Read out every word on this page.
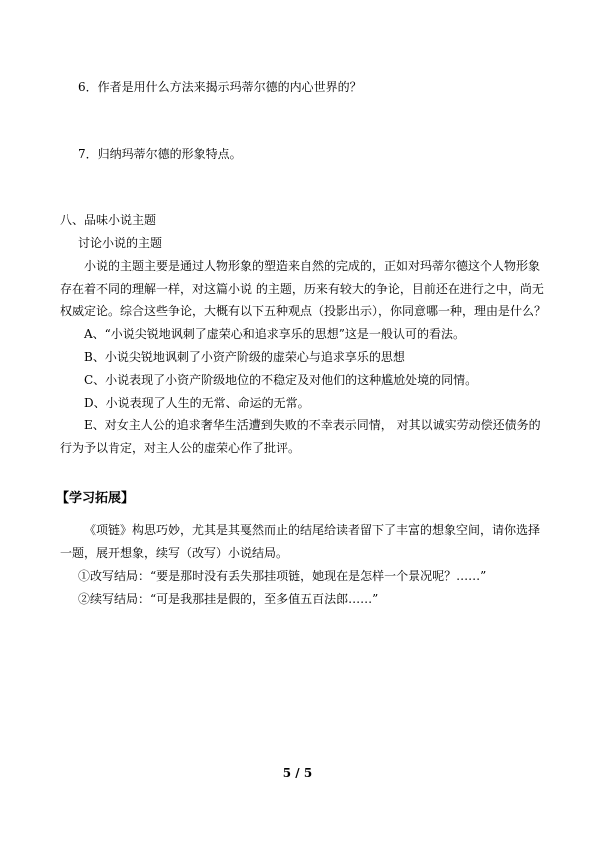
6．作者是用什么方法来揭示玛蒂尔德的内心世界的？
7．归纳玛蒂尔德的形象特点。
八、品味小说主题
讨论小说的主题
小说的主题主要是通过人物形象的塑造来自然的完成的，正如对玛蒂尔德这个人物形象
存在着不同的理解一样，对这篇小说 的主题，历来有较大的争论，目前还在进行之中，尚无
权威定论。综合这些争论，大概有以下五种观点（投影出示），你同意哪一种，理由是什么？
A、“小说尖锐地讽刺了虚荣心和追求享乐的思想”这是一般认可的看法。
B、小说尖锐地讽刺了小资产阶级的虚荣心与追求享乐的思想
C、小说表现了小资产阶级地位的不稳定及对他们的这种尴尬处境的同情。
D、小说表现了人生的无常、命运的无常。
E、对女主人公的追求奢华生活遭到失败的不幸表示同情， 对其以诚实劳动偿还债务的
行为予以肯定，对主人公的虚荣心作了批评。
【学习拓展】
《项链》构思巧妙，尤其是其戛然而止的结尾给读者留下了丰富的想象空间，请你选择
一题，展开想象，续写（改写）小说结局。
①改写结局：“要是那时没有丢失那挂项链，她现在是怎样一个景况呢？……”
②续写结局：“可是我那挂是假的，至多值五百法郎……”
5 / 5
